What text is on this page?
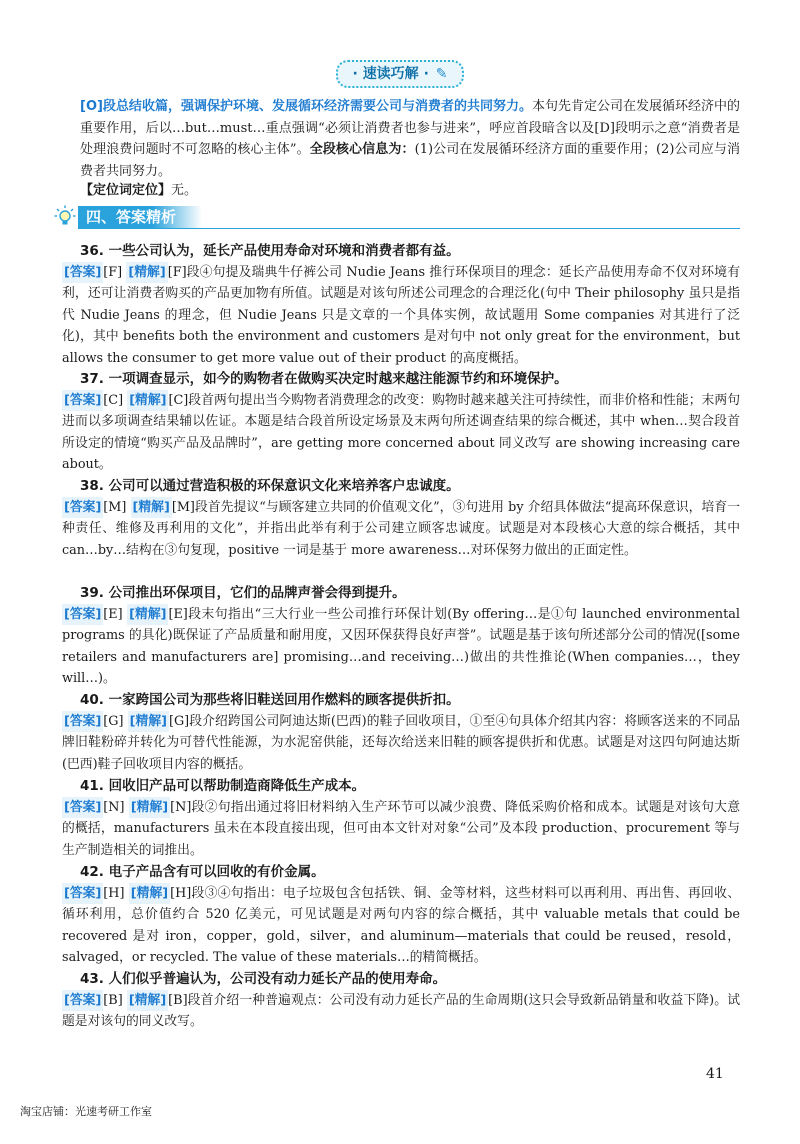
· 速读巧解 · ✎
[O]段总结收篇，强调保护环境、发展循环经济需要公司与消费者的共同努力。本句先肯定公司在发展循环经济中的重要作用，后以…but…must…重点强调“必须让消费者也参与进来”，呼应首段暗含以及[D]段明示之意“消费者是处理浪费问题时不可忽略的核心主体”。全段核心信息为：(1)公司在发展循环经济方面的重要作用；(2)公司应与消费者共同努力。
【定位词定位】无。
四、答案精析
36. 一些公司认为，延长产品使用寿命对环境和消费者都有益。
[答案] [F] [精解] [F]段④句提及瑞典牛仔裤公司 Nudie Jeans 推行环保项目的理念：延长产品使用寿命不仅对环境有利，还可让消费者购买的产品更加物有所值。试题是对该句所述公司理念的合理泛化(句中 Their philosophy 虽只是指代 Nudie Jeans 的理念，但 Nudie Jeans 只是文章的一个具体实例，故试题用 Some companies 对其进行了泛化)，其中 benefits both the environment and customers 是对句中 not only great for the environment，but allows the consumer to get more value out of their product 的高度概括。
37. 一项调查显示，如今的购物者在做购买决定时越来越注能源节约和环境保护。
[答案] [C] [精解] [C]段首两句提出当今购物者消费理念的改变：购物时越来越关注可持续性，而非价格和性能；末两句进而以多项调查结果辅以佐证。本题是结合段首所设定场景及末两句所述调查结果的综合概述，其中 when…契合段首所设定的情境“购买产品及品牌时”，are getting more concerned about 同义改写 are showing increasing care about。
38. 公司可以通过营造积极的环保意识文化来培养客户忠诚度。
[答案] [M] [精解] [M]段首先提议“与顾客建立共同的价值观文化”，③句进用 by 介绍具体做法“提高环保意识，培育一种责任、维修及再利用的文化”，并指出此举有利于公司建立顾客忠诚度。试题是对本段核心大意的综合概括，其中 can…by…结构在③句复现，positive 一词是基于 more awareness…对环保努力做出的正面定性。
39. 公司推出环保项目，它们的品牌声誉会得到提升。
[答案] [E] [精解] [E]段末句指出“三大行业一些公司推行环保计划(By offering…是①句 launched environmental programs 的具化)既保证了产品质量和耐用度，又因环保获得良好声誉”。试题是基于该句所述部分公司的情况([some retailers and manufacturers are] promising…and receiving…)做出的共性推论(When companies…，they will…)。
40. 一家跨国公司为那些将旧鞋送回用作燃料的顾客提供折扣。
[答案] [G] [精解] [G]段介绍跨国公司阿迪达斯(巴西)的鞋子回收项目，①至④句具体介绍其内容：将顾客送来的不同品牌旧鞋粉碎并转化为可替代性能源，为水泥窑供能，还每次给送来旧鞋的顾客提供折和优惠。试题是对这四句阿迪达斯(巴西)鞋子回收项目内容的概括。
41. 回收旧产品可以帮助制造商降低生产成本。
[答案] [N] [精解] [N]段②句指出通过将旧材料纳入生产环节可以减少浪费、降低采购价格和成本。试题是对该句大意的概括，manufacturers 虽未在本段直接出现，但可由本文针对对象“公司”及本段 production、procurement 等与生产制造相关的词推出。
42. 电子产品含有可以回收的有价金属。
[答案] [H] [精解] [H]段③④句指出：电子垃圾包含包括铁、铜、金等材料，这些材料可以再利用、再出售、再回收、循环利用，总价值约合 520 亿美元，可见试题是对两句内容的综合概括，其中 valuable metals that could be recovered 是对 iron，copper，gold，silver，and aluminum—materials that could be reused，resold，salvaged，or recycled. The value of these materials…的精简概括。
43. 人们似乎普遍认为，公司没有动力延长产品的使用寿命。
[答案] [B] [精解] [B]段首介绍一种普遍观点：公司没有动力延长产品的生命周期(这只会导致新品销量和收益下降)。试题是对该句的同义改写。
41
淘宝店铺：光速考研工作室
